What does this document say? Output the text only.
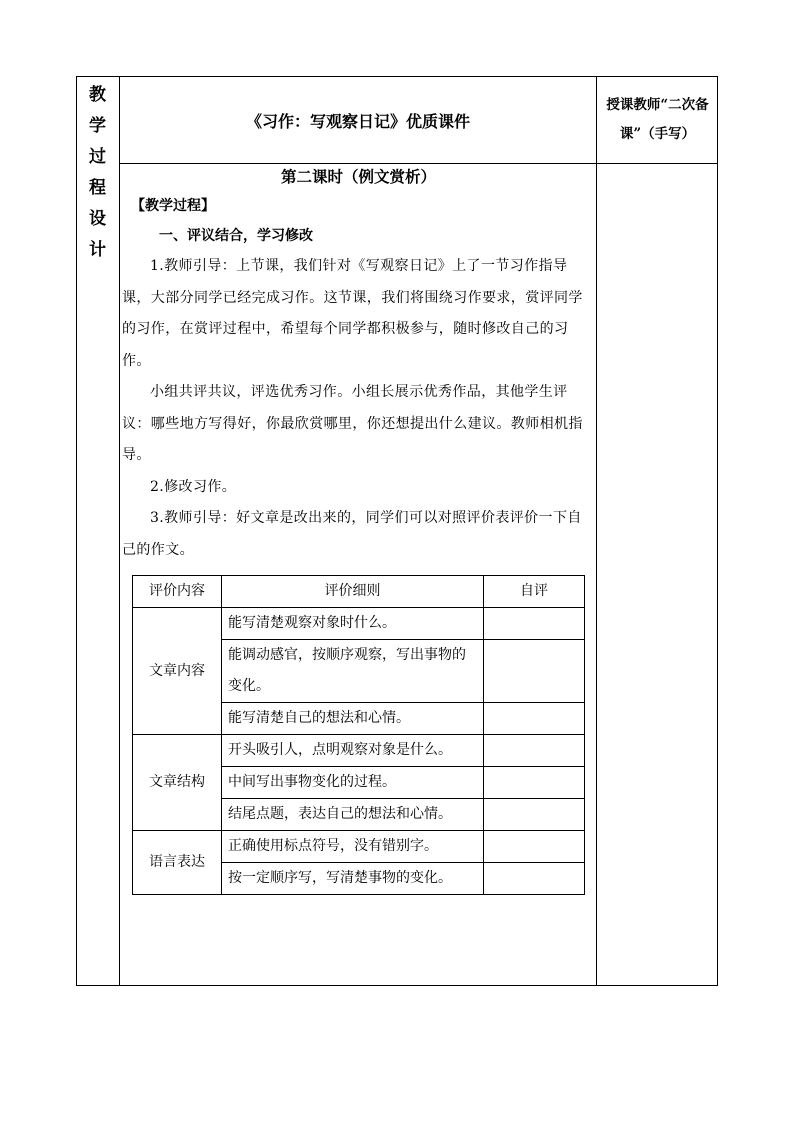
教
学
过
程
设
计
《习作：写观察日记》优质课件
授课教师“二次备课”（手写）
第二课时（例文赏析）
【教学过程】
一、评议结合，学习修改

1.教师引导：上节课，我们针对《写观察日记》上了一节习作指导课，大部分同学已经完成习作。这节课，我们将围绕习作要求，赏评同学的习作，在赏评过程中，希望每个同学都积极参与，随时修改自己的习作。

小组共评共议，评选优秀习作。小组长展示优秀作品，其他学生评议：哪些地方写得好，你最欣赏哪里，你还想提出什么建议。教师相机指导。

2.修改习作。

3.教师引导：好文章是改出来的，同学们可以对照评价表评价一下自己的作文。

评价内容	评价细则	自评
文章内容	能写清楚观察对象时什么。	
	能调动感官，按顺序观察，写出事物的变化。	
	能写清楚自己的想法和心情。	
文章结构	开头吸引人，点明观察对象是什么。	
	中间写出事物变化的过程。	
	结尾点题，表达自己的想法和心情。	
语言表达	正确使用标点符号，没有错别字。	
	按一定顺序写，写清楚事物的变化。	
